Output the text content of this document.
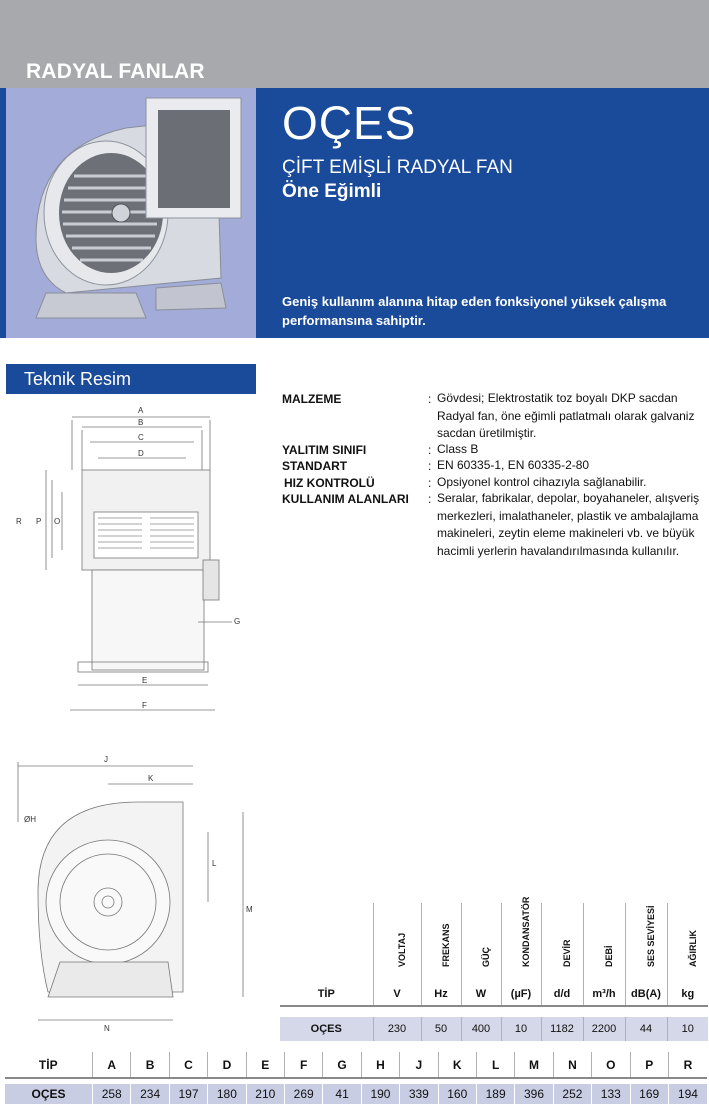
RADYAL FANLAR
OÇES
ÇİFT EMİŞLİ RADYAL FAN
Öne Eğimli
Geniş kullanım alanına hitap eden fonksiyonel yüksek çalışma performansına sahiptir.
Teknik Resim
MALZEME	: Gövdesi; Elektrostatik toz boyalı DKP sacdan Radyal fan, öne eğimli patlatmalı olarak galvaniz sacdan üretilmiştir.
YALITIM SINIFI	: Class B
STANDART	: EN 60335-1, EN 60335-2-80
HIZ KONTROLÜ	: Opsiyonel kontrol cihazıyla sağlanabilir.
KULLANIM ALANLARI : Seralar, fabrikalar, depolar, boyahaneler, alışveriş merkezleri, imalathaneler, plastik ve ambalajlama makineleri, zeytin eleme makineleri vb. ve büyük hacimli yerlerin havalandırılmasında kullanılır.
A
B
C
D
E
F
G
P O
R
J
K
L
M
N
ØH

	VOLTAJ	FREKANS	GÜÇ	KONDANSATÖR	DEVİR	DEBİ	SES SEVİYESİ	AĞIRLIK

TİP	V	Hz	W	(µF)	d/d	m³/h	dB(A)	kg

OÇES	230	50	400	10	1182	2200	44	10
TİP	A	B	C	D	E	F	G	H	J	K	L	M	N	O	P	R

OÇES	258	234	197	180	210	269	41	190	339	160	189	396	252	133	169	194
